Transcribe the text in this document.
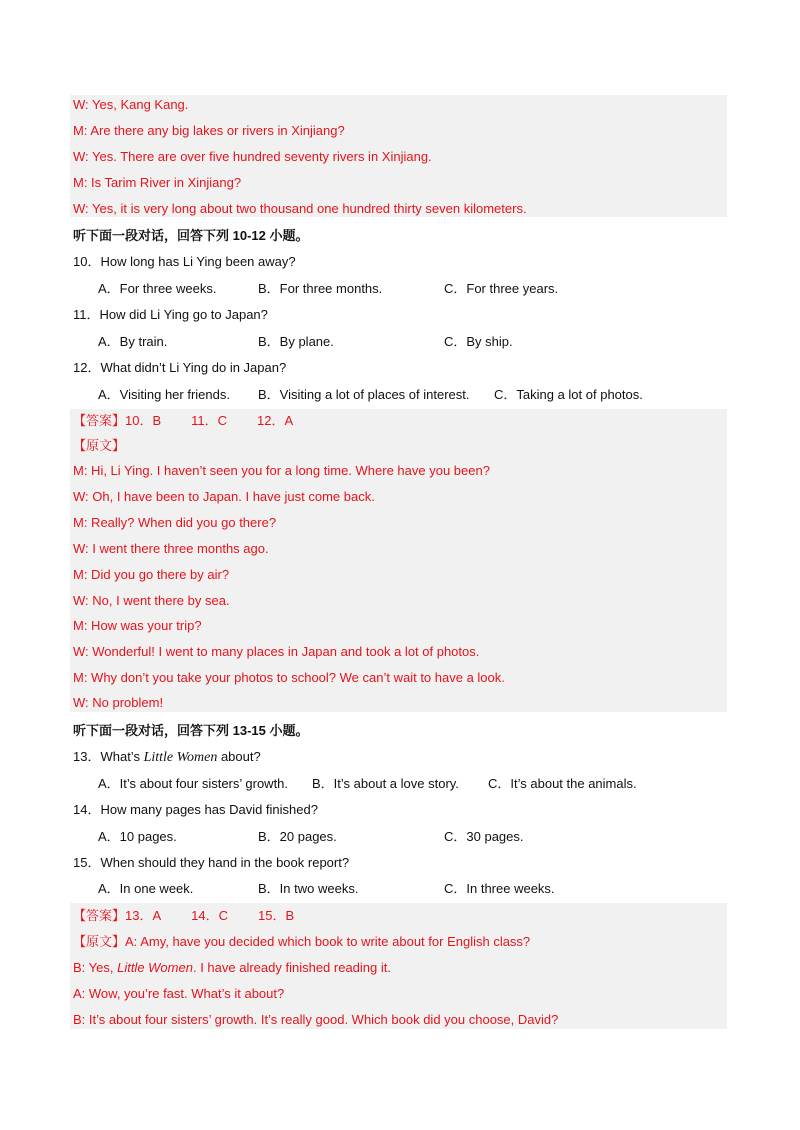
W: Yes, Kang Kang.
M: Are there any big lakes or rivers in Xinjiang?
W: Yes. There are over five hundred seventy rivers in Xinjiang.
M: Is Tarim River in Xinjiang?
W: Yes, it is very long about two thousand one hundred thirty seven kilometers.
听下面一段对话，回答下列 10-12 小题。
10．How long has Li Ying been away?
A．For three weeks.	B．For three months.	C．For three years.
11．How did Li Ying go to Japan?
A．By train.	B．By plane.	C．By ship.
12．What didn’t Li Ying do in Japan?
A．Visiting her friends. B．Visiting a lot of places of interest. C．Taking a lot of photos.
【答案】10．B 11．C 12．A
【原文】
M: Hi, Li Ying. I haven’t seen you for a long time. Where have you been?
W: Oh, I have been to Japan. I have just come back.
M: Really? When did you go there?
W: I went there three months ago.
M: Did you go there by air?
W: No, I went there by sea.
M: How was your trip?
W: Wonderful! I went to many places in Japan and took a lot of photos.
M: Why don’t you take your photos to school? We can’t wait to have a look.
W: No problem!
听下面一段对话，回答下列 13-15 小题。
13．What’s Little Women about?
A．It’s about four sisters’ growth. B．It’s about a love story. C．It’s about the animals.
14．How many pages has David finished?
A．10 pages.	B．20 pages.	C．30 pages.
15．When should they hand in the book report?
A．In one week.	B．In two weeks.	C．In three weeks.
【答案】13．A 14．C 15．B
【原文】A: Amy, have you decided which book to write about for English class?
B: Yes, Little Women. I have already finished reading it.
A: Wow, you’re fast. What’s it about?
B: It’s about four sisters’ growth. It’s really good. Which book did you choose, David?
